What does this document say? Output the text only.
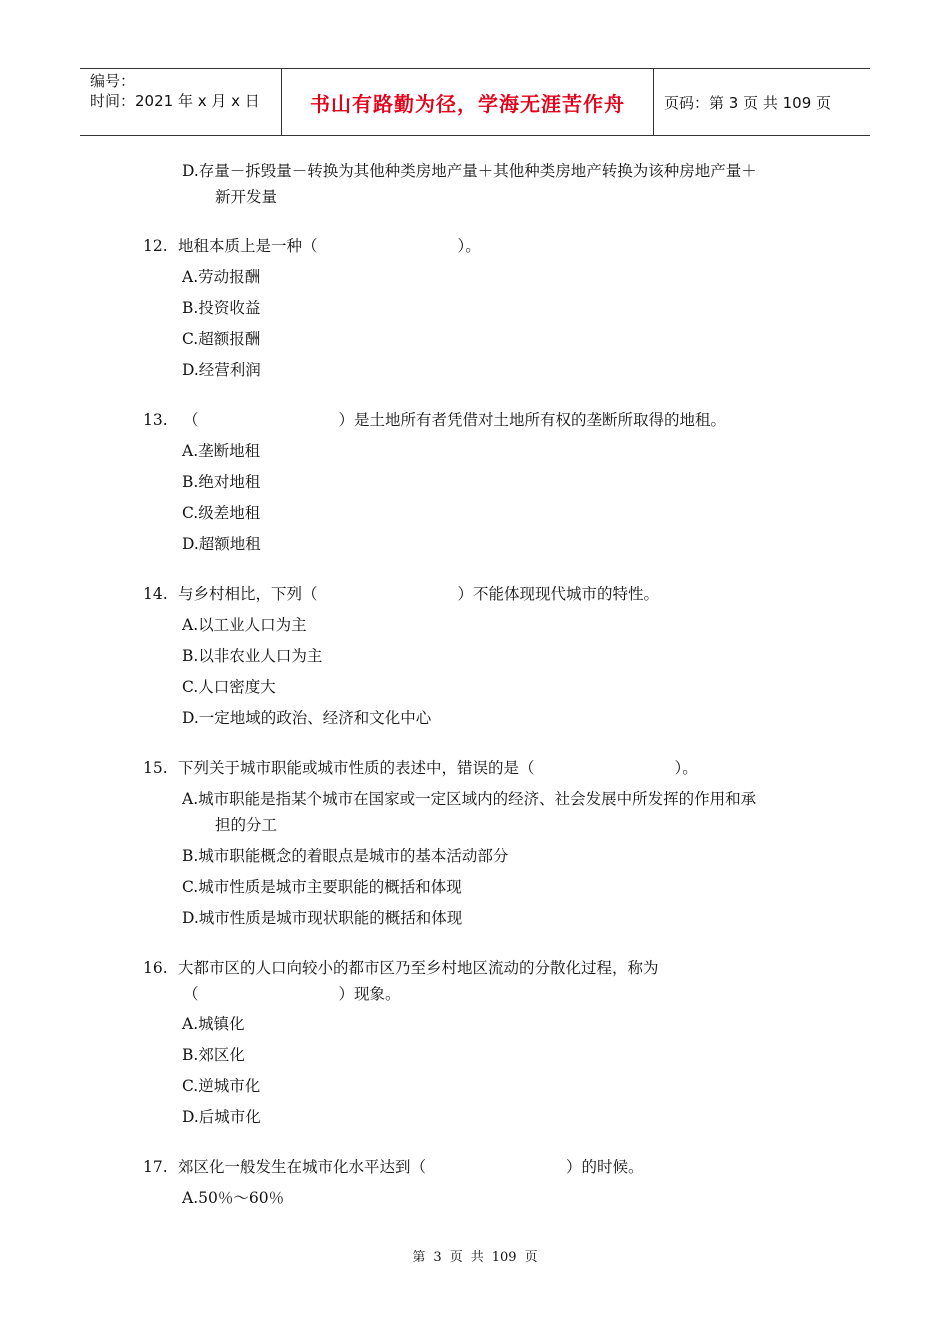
编号：
时间：2021 年 x 月 x 日	书山有路勤为径，学海无涯苦作舟	页码：第 3 页 共 109 页
D.存量－拆毁量－转换为其他种类房地产量＋其他种类房地产转换为该种房地产量＋
新开发量
12. 地租本质上是一种（	）。
A.劳动报酬
B.投资收益
C.超额报酬
D.经营利润
13. （	）是土地所有者凭借对土地所有权的垄断所取得的地租。
A.垄断地租
B.绝对地租
C.级差地租
D.超额地租
14. 与乡村相比，下列（	）不能体现现代城市的特性。
A.以工业人口为主
B.以非农业人口为主
C.人口密度大
D.一定地域的政治、经济和文化中心
15. 下列关于城市职能或城市性质的表述中，错误的是（	）。
A.城市职能是指某个城市在国家或一定区域内的经济、社会发展中所发挥的作用和承
担的分工
B.城市职能概念的着眼点是城市的基本活动部分
C.城市性质是城市主要职能的概括和体现
D.城市性质是城市现状职能的概括和体现
16. 大都市区的人口向较小的都市区乃至乡村地区流动的分散化过程，称为
（	）现象。
A.城镇化
B.郊区化
C.逆城市化
D.后城市化
17. 郊区化一般发生在城市化水平达到（	）的时候。
A.50％～60％
第 3 页 共 109 页
